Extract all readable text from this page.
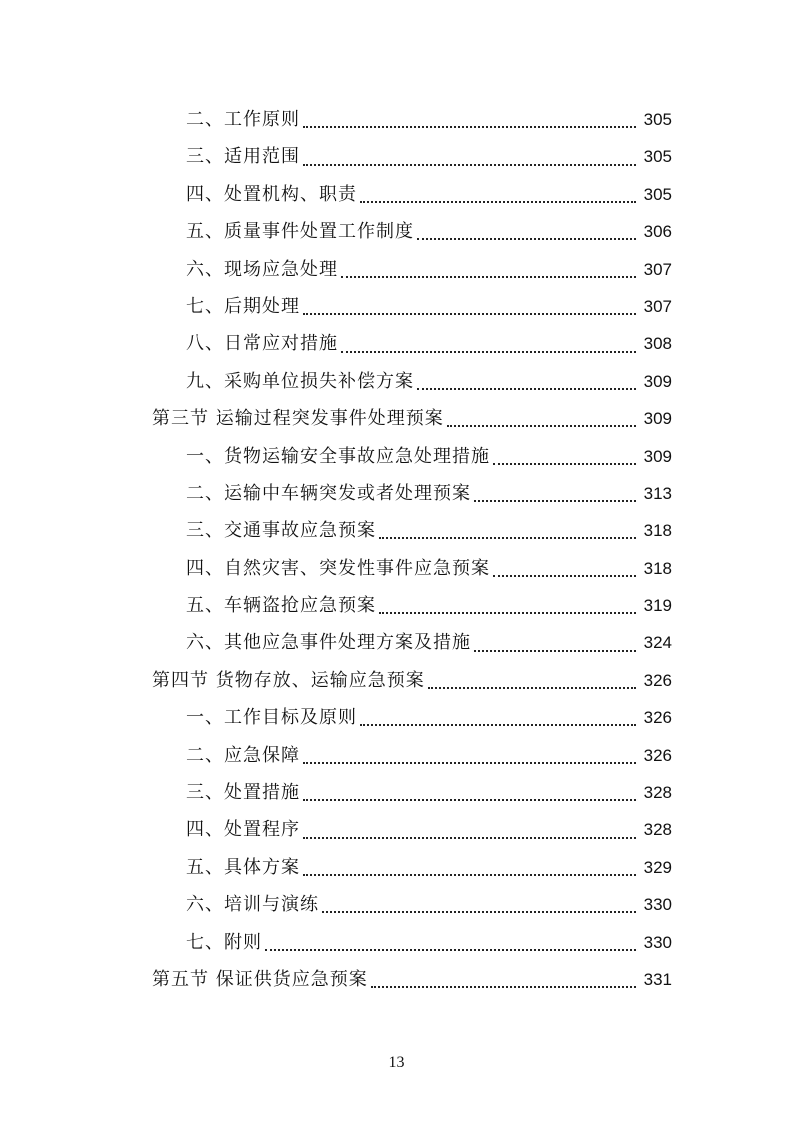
二、工作原则	305
三、适用范围	305
四、处置机构、职责	305
五、质量事件处置工作制度	306
六、现场应急处理	307
七、后期处理	307
八、日常应对措施	308
九、采购单位损失补偿方案	309
第三节 运输过程突发事件处理预案	309
一、货物运输安全事故应急处理措施	309
二、运输中车辆突发或者处理预案	313
三、交通事故应急预案	318
四、自然灾害、突发性事件应急预案	318
五、车辆盗抢应急预案	319
六、其他应急事件处理方案及措施	324
第四节 货物存放、运输应急预案	326
一、工作目标及原则	326
二、应急保障	326
三、处置措施	328
四、处置程序	328
五、具体方案	329
六、培训与演练	330
七、附则	330
第五节 保证供货应急预案	331
13
